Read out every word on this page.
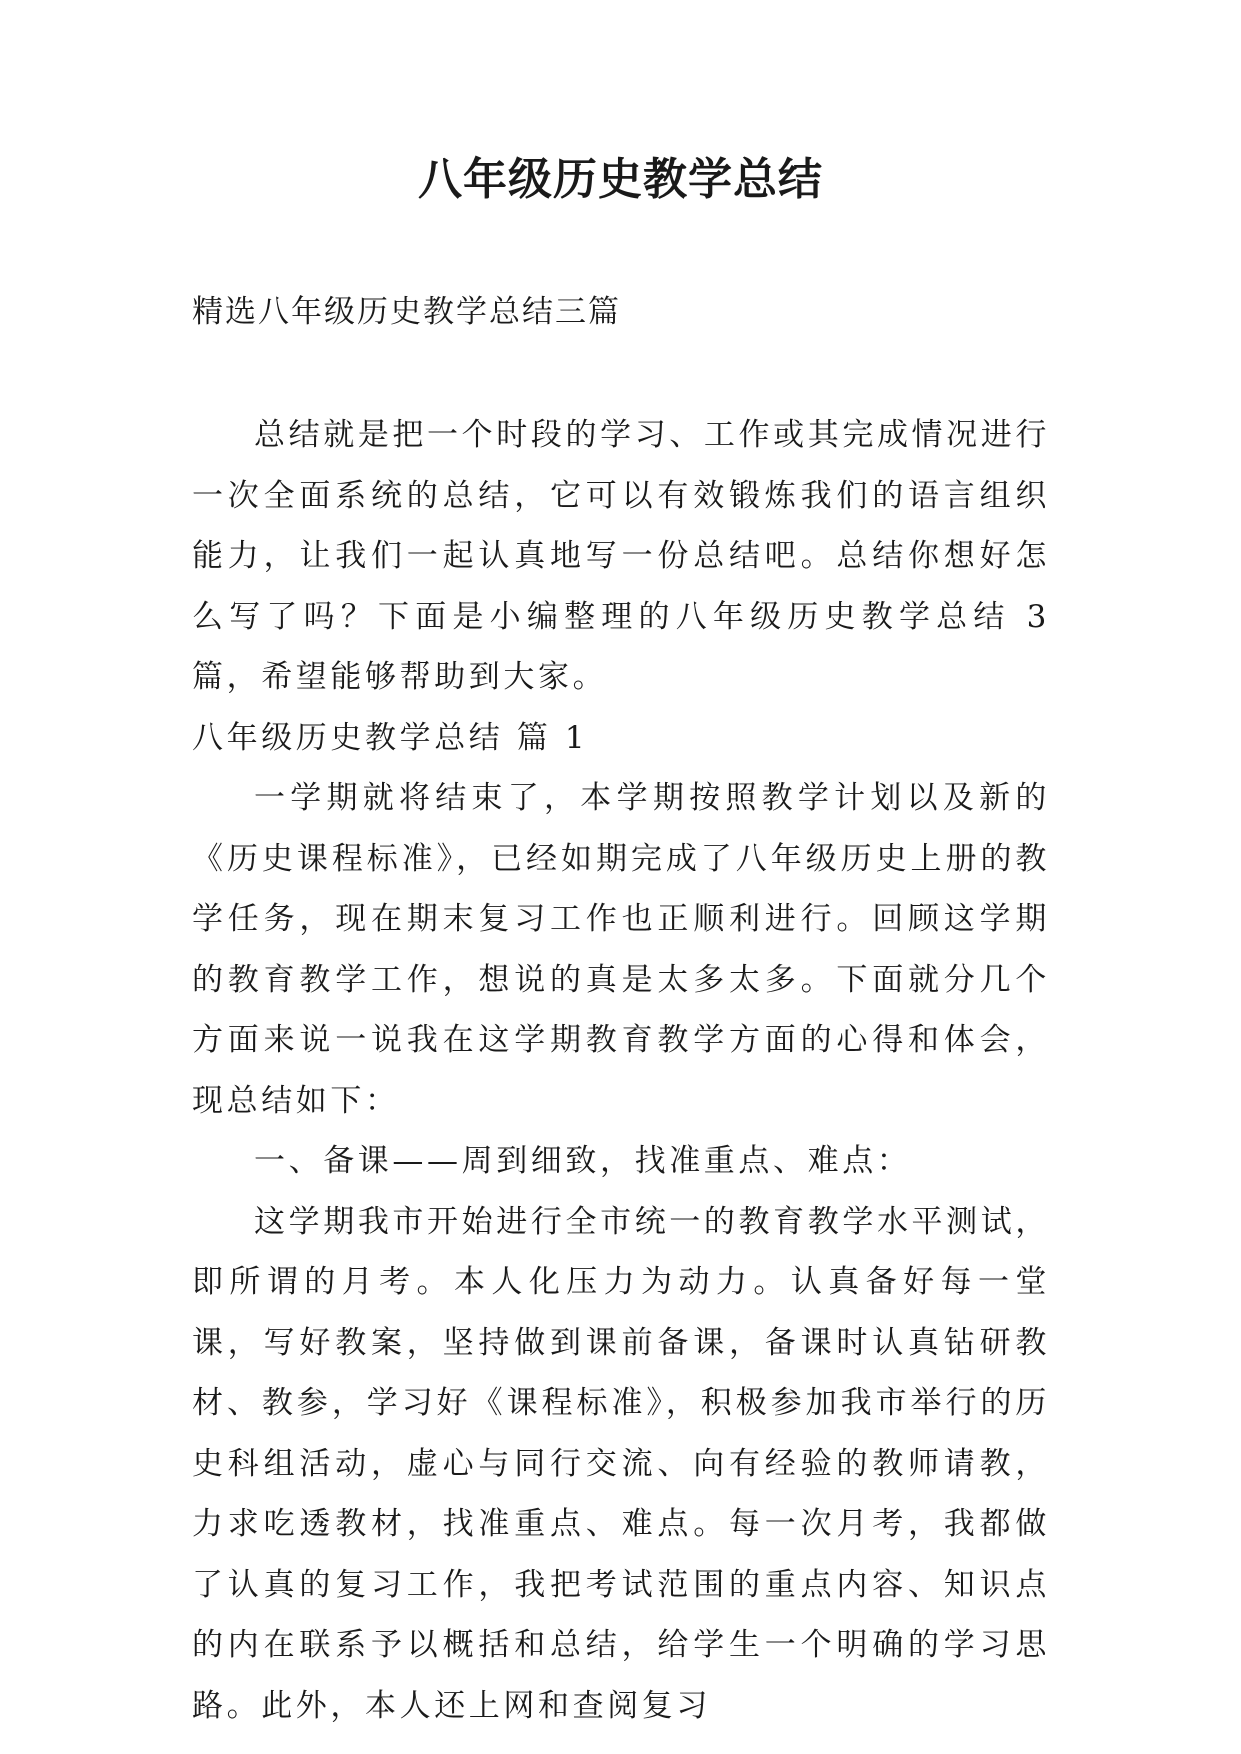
八年级历史教学总结
精选八年级历史教学总结三篇

总结就是把一个时段的学习、工作或其完成情况进行一次全面系统的总结，它可以有效锻炼我们的语言组织能力，让我们一起认真地写一份总结吧。总结你想好怎么写了吗？下面是小编整理的八年级历史教学总结 3 篇，希望能够帮助到大家。

八年级历史教学总结 篇 1

一学期就将结束了，本学期按照教学计划以及新的《历史课程标准》，已经如期完成了八年级历史上册的教学任务，现在期末复习工作也正顺利进行。回顾这学期的教育教学工作，想说的真是太多太多。下面就分几个方面来说一说我在这学期教育教学方面的心得和体会，现总结如下：

一、备课——周到细致，找准重点、难点：

这学期我市开始进行全市统一的教育教学水平测试，即所谓的月考。本人化压力为动力。认真备好每一堂课，写好教案，坚持做到课前备课，备课时认真钻研教材、教参，学习好《课程标准》，积极参加我市举行的历史科组活动，虚心与同行交流、向有经验的教师请教，力求吃透教材，找准重点、难点。每一次月考，我都做了认真的复习工作，我把考试范围的重点内容、知识点的内在联系予以概括和总结，给学生一个明确的学习思路。此外，本人还上网和查阅复习
